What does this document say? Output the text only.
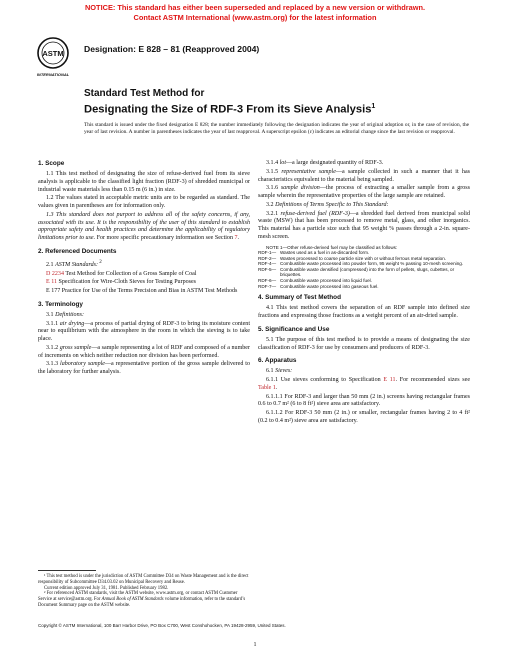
NOTICE: This standard has either been superseded and replaced by a new version or withdrawn.
Contact ASTM International (www.astm.org) for the latest information
ASTM
INTERNATIONAL
Designation: E 828 – 81 (Reapproved 2004)
Standard Test Method for
Designating the Size of RDF-3 From its Sieve Analysis$^1$
This standard is issued under the fixed designation E 828; the number immediately following the designation indicates the year of original adoption or, in the case of revision, the year of last revision. A number in parentheses indicates the year of last reapproval. A superscript epsilon (ε) indicates an editorial change since the last revision or reapproval.
1. Scope

1.1 This test method of designating the size of refuse-derived fuel from its sieve analysis is applicable to the classified light fraction (RDF-3) of shredded municipal or industrial waste materials less than 0.15 m (6 in.) in size.

1.2 The values stated in acceptable metric units are to be regarded as standard. The values given in parentheses are for information only.

1.3 This standard does not purport to address all of the safety concerns, if any, associated with its use. It is the responsibility of the user of this standard to establish appropriate safety and health practices and determine the applicability of regulatory limitations prior to use. For more specific precautionary information see Section 7.

2. Referenced Documents

2.1 ASTM Standards: $^2$

D 2234 Test Method for Collection of a Gross Sample of Coal

E 11 Specification for Wire-Cloth Sieves for Testing Purposes

E 177 Practice for Use of the Terms Precision and Bias in ASTM Test Methods

3. Terminology

3.1 Definitions:

3.1.1 air drying—a process of partial drying of RDF-3 to bring its moisture content near to equilibrium with the atmosphere in the room in which the sieving is to take place.

3.1.2 gross sample—a sample representing a lot of RDF and composed of a number of increments on which neither reduction nor division has been performed.

3.1.3 laboratory sample—a representative portion of the gross sample delivered to the laboratory for further analysis.

3.1.4 lot—a large designated quantity of RDF-3.

3.1.5 representative sample—a sample collected in such a manner that it has characteristics equivalent to the material being sampled.

3.1.6 sample division—the process of extracting a smaller sample from a gross sample wherein the representative properties of the large sample are retained.

3.2 Definitions of Terms Specific to This Standard:

3.2.1 refuse-derived fuel (RDF-3)—a shredded fuel derived from municipal solid waste (MSW) that has been processed to remove metal, glass, and other inorganics. This material has a particle size such that 95 weight % passes through a 2-in. square-mesh screen.

NOTE 1—Other refuse-derived fuel may be classified as follows:
RDF-1— Wastes used as a fuel in as-discarded form.
RDF-2— Wastes processed to coarse particle size with or without ferrous metal separation.
RDF-4— Combustible waste processed into powder form, 95 weight % passing 10-mesh screening.
RDF-5— Combustible waste densified (compressed) into the form of pellets, slugs, cubettes, or briquettes.
RDF-6— Combustible waste processed into liquid fuel.
RDF-7— Combustible waste processed into gaseous fuel.
4. Summary of Test Method

4.1 This test method covers the separation of an RDF sample into defined size fractions and expressing those fractions as a weight percent of an air-dried sample.

5. Significance and Use

5.1 The purpose of this test method is to provide a means of designating the size classification of RDF-3 for use by consumers and producers of RDF-3.

6. Apparatus

6.1 Sieves:

6.1.1 Use sieves conforming to Specification E 11. For recommended sizes see Table 1.

6.1.1.1 For RDF-3 and larger than 50 mm (2 in.) screens having rectangular frames 0.6 to 0.7 m² (6 to 8 ft²) sieve area are satisfactory.

6.1.1.2 For RDF-3 50 mm (2 in.) or smaller, rectangular frames having 2 to 4 ft² (0.2 to 0.4 m²) sieve area are satisfactory.

¹ This test method is under the jurisdiction of ASTM Committee D34 on Waste Management and is the direct responsibility of Subcommittee D34.03.02 on Municipal Recovery and Reuse.

Current edition approved July 31, 1981. Published February 1982.

² For referenced ASTM standards, visit the ASTM website, www.astm.org, or contact ASTM Customer Service at service@astm.org. For Annual Book of ASTM Standards volume information, refer to the standard’s Document Summary page on the ASTM website.

Copyright © ASTM International, 100 Barr Harbor Drive, PO Box C700, West Conshohocken, PA 19428-2959, United States.
1
